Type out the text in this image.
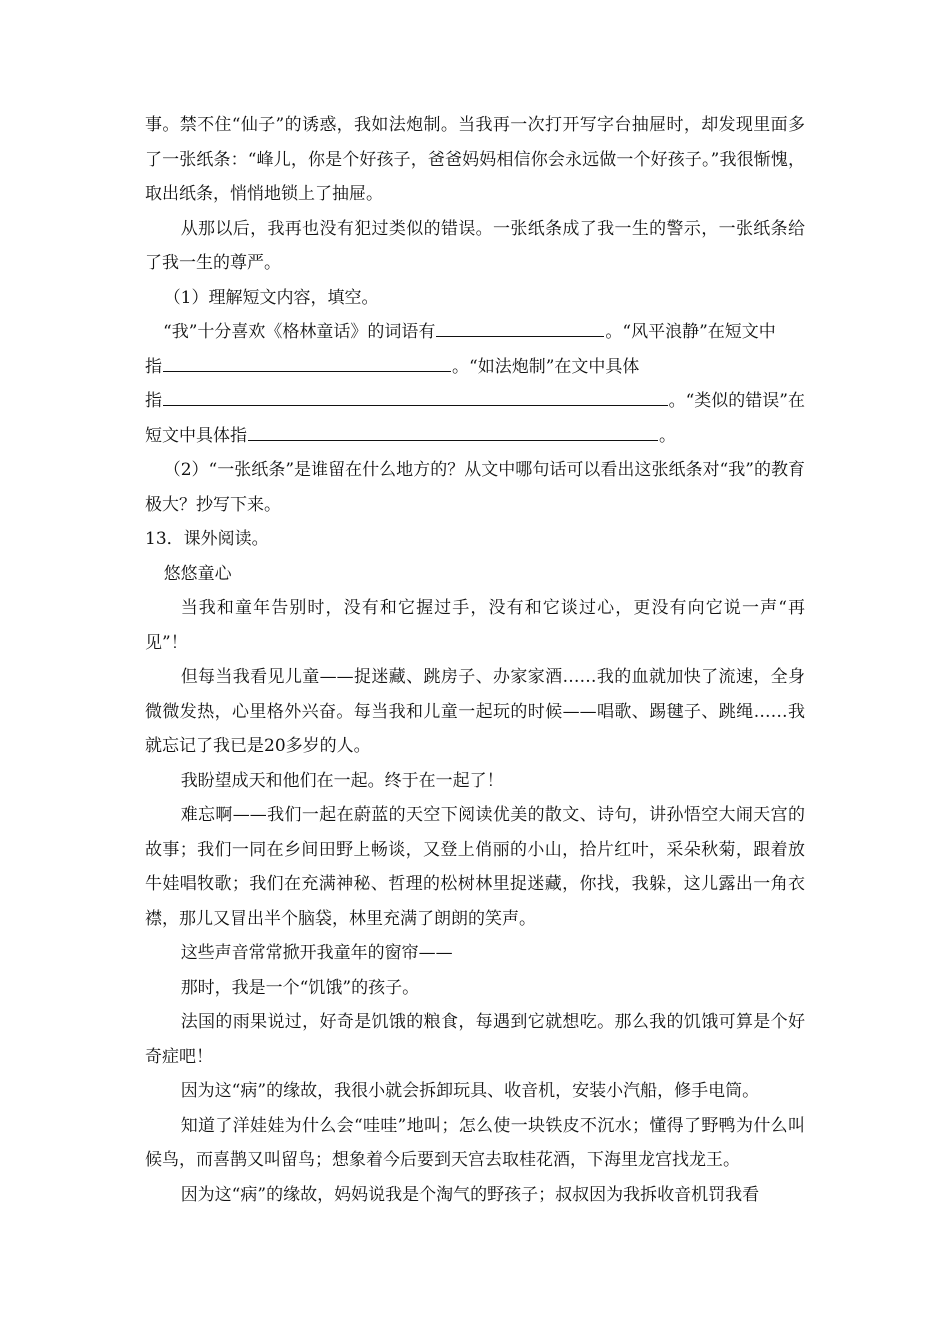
事。禁不住“仙子”的诱惑，我如法炮制。当我再一次打开写字台抽屉时，却发现里面多了一张纸条：“峰儿，你是个好孩子，爸爸妈妈相信你会永远做一个好孩子。”我很惭愧，取出纸条，悄悄地锁上了抽屉。

从那以后，我再也没有犯过类似的错误。一张纸条成了我一生的警示，一张纸条给了我一生的尊严。

（1）理解短文内容，填空。

“我”十分喜欢《格林童话》的词语有	。“风平浪静”在短文中
指	。“如法炮制”在文中具体
指	。“类似的错误”在
短文中具体指	。

（2）“一张纸条”是谁留在什么地方的？从文中哪句话可以看出这张纸条对“我”的教育极大？抄写下来。

13．课外阅读。

悠悠童心

当我和童年告别时，没有和它握过手，没有和它谈过心，更没有向它说一声“再见”！

但每当我看见儿童——捉迷藏、跳房子、办家家酒……我的血就加快了流速，全身微微发热，心里格外兴奋。每当我和儿童一起玩的时候——唱歌、踢毽子、跳绳……我就忘记了我已是20多岁的人。

我盼望成天和他们在一起。终于在一起了！

难忘啊——我们一起在蔚蓝的天空下阅读优美的散文、诗句，讲孙悟空大闹天宫的故事；我们一同在乡间田野上畅谈，又登上俏丽的小山，拾片红叶，采朵秋菊，跟着放牛娃唱牧歌；我们在充满神秘、哲理的松树林里捉迷藏，你找，我躲，这儿露出一角衣襟，那儿又冒出半个脑袋，林里充满了朗朗的笑声。

这些声音常常掀开我童年的窗帘——

那时，我是一个“饥饿”的孩子。

法国的雨果说过，好奇是饥饿的粮食，每遇到它就想吃。那么我的饥饿可算是个好奇症吧！

因为这“病”的缘故，我很小就会拆卸玩具、收音机，安装小汽船，修手电筒。

知道了洋娃娃为什么会“哇哇”地叫；怎么使一块铁皮不沉水；懂得了野鸭为什么叫候鸟，而喜鹊又叫留鸟；想象着今后要到天宫去取桂花酒，下海里龙宫找龙王。

因为这“病”的缘故，妈妈说我是个淘气的野孩子；叔叔因为我拆收音机罚我看
